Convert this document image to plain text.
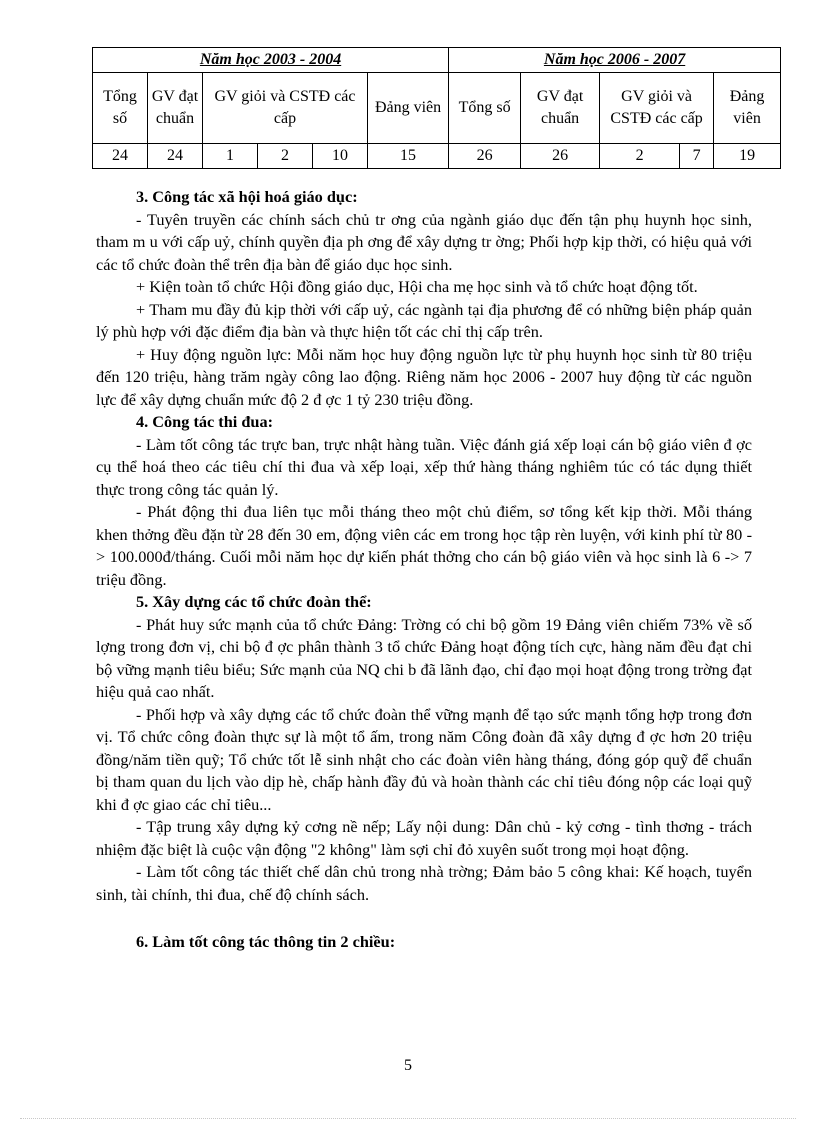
Năm học 2003 - 2004						Năm học 2006 - 2007				
Tổng số	GV đạt chuẩn	GV giỏi và CSTĐ các cấp			Đảng viên	Tổng số	GV đạt chuẩn	GV giỏi và CSTĐ các cấp		Đảng viên
24	24	1	2	10	15	26	26	2	7	19

3. Công tác xã hội hoá giáo dục:

- Tuyên truyền các chính sách chủ tr ơng của ngành giáo dục đến tận phụ huynh học sinh, tham m u với cấp uỷ, chính quyền địa ph ơng để xây dựng tr ờng; Phối hợp kịp thời, có hiệu quả với các tổ chức đoàn thể trên địa bàn để giáo dục học sinh.

+ Kiện toàn tổ chức Hội đồng giáo dục, Hội cha mẹ học sinh và tổ chức hoạt động tốt.

+ Tham mu đầy đủ kịp thời với cấp uỷ, các ngành tại địa phương để có những biện pháp quản lý phù hợp với đặc điểm địa bàn và thực hiện tốt các chỉ thị cấp trên.

+ Huy động nguồn lực: Mỗi năm học huy động nguồn lực từ phụ huynh học sinh từ 80 triệu đến 120 triệu, hàng trăm ngày công lao động. Riêng năm học 2006 - 2007 huy động từ các nguồn lực để xây dựng chuẩn mức độ 2 đ ợc 1 tỷ 230 triệu đồng.

4. Công tác thi đua:

- Làm tốt công tác trực ban, trực nhật hàng tuần. Việc đánh giá xếp loại cán bộ giáo viên đ ợc cụ thể hoá theo các tiêu chí thi đua và xếp loại, xếp thứ hàng tháng nghiêm túc có tác dụng thiết thực trong công tác quản lý.

- Phát động thi đua liên tục mỗi tháng theo một chủ điểm, sơ tổng kết kịp thời. Mỗi tháng khen thởng đều đặn từ 28 đến 30 em, động viên các em trong học tập rèn luyện, với kinh phí từ 80 -> 100.000đ/tháng. Cuối mỗi năm học dự kiến phát thởng cho cán bộ giáo viên và học sinh là 6 -> 7 triệu đồng.

5. Xây dựng các tổ chức đoàn thể:

- Phát huy sức mạnh của tổ chức Đảng: Trờng có chi bộ gồm 19 Đảng viên chiếm 73% về số lợng trong đơn vị, chi bộ đ ợc phân thành 3 tổ chức Đảng hoạt động tích cực, hàng năm đều đạt chi bộ vững mạnh tiêu biểu; Sức mạnh của NQ chi b đã lãnh đạo, chỉ đạo mọi hoạt động trong trờng đạt hiệu quả cao nhất.

- Phối hợp và xây dựng các tổ chức đoàn thể vững mạnh để tạo sức mạnh tổng hợp trong đơn vị. Tổ chức công đoàn thực sự là một tổ ấm, trong năm Công đoàn đã xây dựng đ ợc hơn 20 triệu đồng/năm tiền quỹ; Tổ chức tốt lễ sinh nhật cho các đoàn viên hàng tháng, đóng góp quỹ để chuẩn bị tham quan du lịch vào dịp hè, chấp hành đầy đủ và hoàn thành các chỉ tiêu đóng nộp các loại quỹ khi đ ợc giao các chỉ tiêu...

- Tập trung xây dựng kỷ cơng nề nếp; Lấy nội dung: Dân chủ - kỷ cơng - tình thơng - trách nhiệm đặc biệt là cuộc vận động "2 không" làm sợi chỉ đỏ xuyên suốt trong mọi hoạt động.

- Làm tốt công tác thiết chế dân chủ trong nhà trờng; Đảm bảo 5 công khai: Kế hoạch, tuyển sinh, tài chính, thi đua, chế độ chính sách.

6. Làm tốt công tác thông tin 2 chiều:

5
